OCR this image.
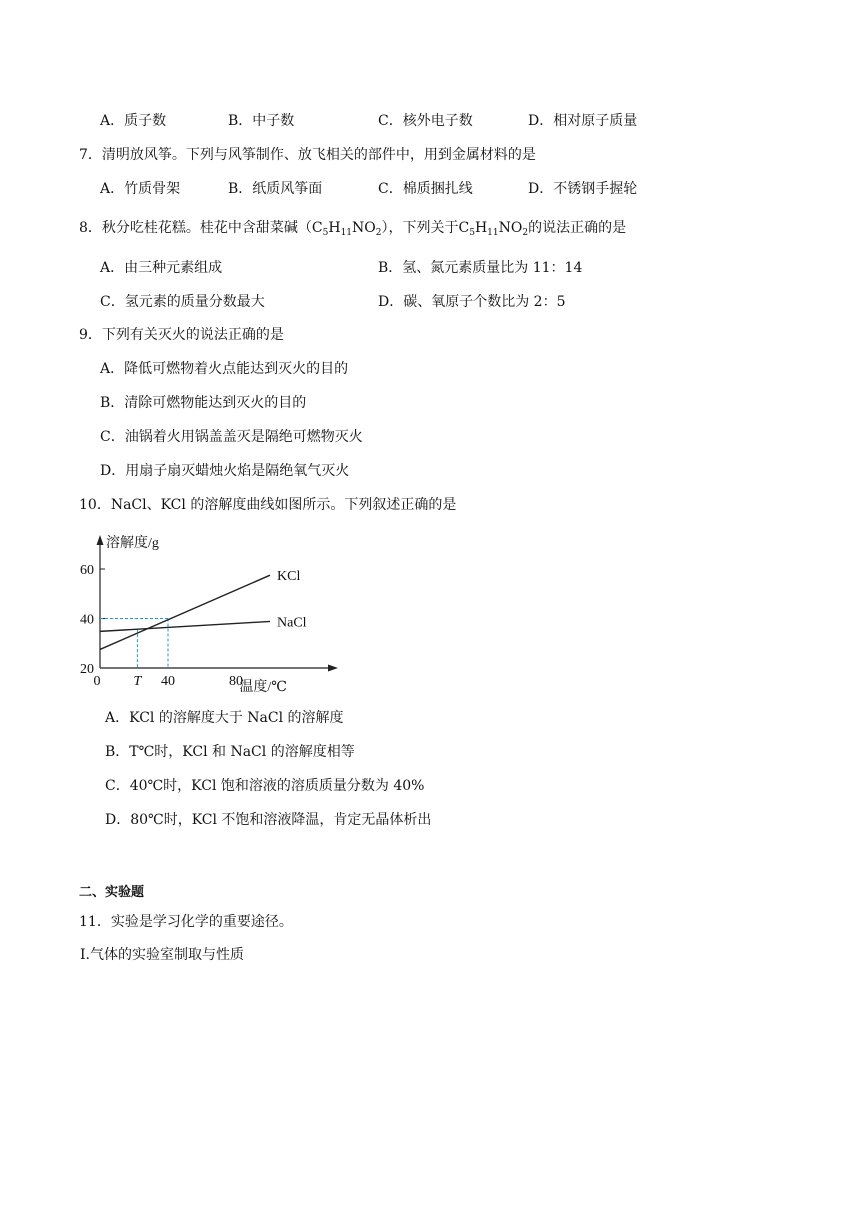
A．质子数	B．中子数	C．核外电子数	D．相对原子质量
7．清明放风筝。下列与风筝制作、放飞相关的部件中，用到金属材料的是
A．竹质骨架	B．纸质风筝面	C．棉质捆扎线	D．不锈钢手握轮
8．秋分吃桂花糕。桂花中含甜菜碱$(C_5H_{11}NO_2)$，下列关于$C_5H_{11}NO_2$的说法正确的是
A．由三种元素组成	B．氢、氮元素质量比为 11：14
C．氢元素的质量分数最大	D．碳、氧原子个数比为 2：5
9．下列有关灭火的说法正确的是
A．降低可燃物着火点能达到灭火的目的
B．清除可燃物能达到灭火的目的
C．油锅着火用锅盖盖灭是隔绝可燃物灭火
D．用扇子扇灭蜡烛火焰是隔绝氧气灭火
10．NaCl、KCl 的溶解度曲线如图所示。下列叙述正确的是
溶解度/g
温度/℃
20
40
60
0 T 40	80
KCl
NaCl
A．KCl 的溶解度大于 NaCl 的溶解度
B．T℃时，KCl 和 NaCl 的溶解度相等
C．40℃时，KCl 饱和溶液的溶质质量分数为 40%
D．80℃时，KCl 不饱和溶液降温，肯定无晶体析出
二、实验题
11．实验是学习化学的重要途径。
Ⅰ.气体的实验室制取与性质
